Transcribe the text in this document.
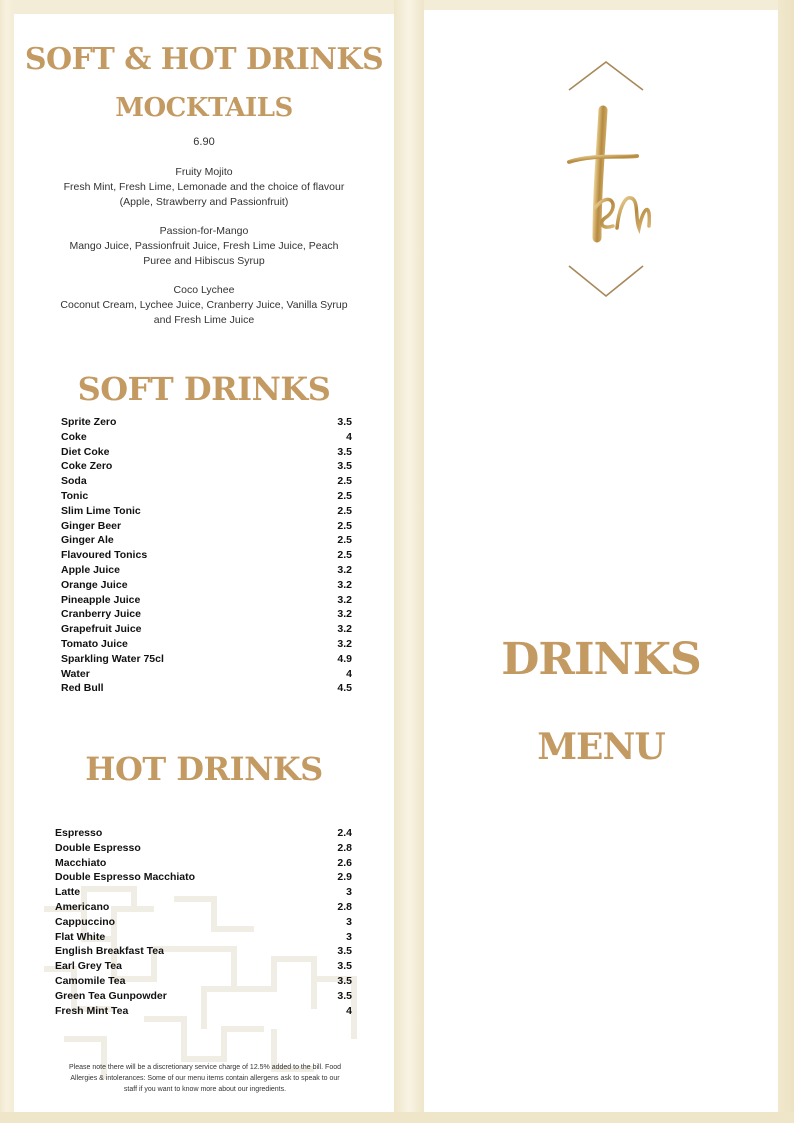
SOFT & HOT DRINKS
MOCKTAILS
6.90
Fruity Mojito
Fresh Mint, Fresh Lime, Lemonade and the choice of flavour
(Apple, Strawberry and Passionfruit)
Passion-for-Mango
Mango Juice, Passionfruit Juice, Fresh Lime Juice, Peach
Puree and Hibiscus Syrup
Coco Lychee
Coconut Cream, Lychee Juice, Cranberry Juice, Vanilla Syrup
and Fresh Lime Juice
SOFT DRINKS
Sprite Zero	3.5
Coke	4
Diet Coke	3.5
Coke Zero	3.5
Soda	2.5
Tonic	2.5
Slim Lime Tonic	2.5
Ginger Beer	2.5
Ginger Ale	2.5
Flavoured Tonics	2.5
Apple Juice	3.2
Orange Juice	3.2
Pineapple Juice	3.2
Cranberry Juice	3.2
Grapefruit Juice	3.2
Tomato Juice	3.2
Sparkling Water 75cl	4.9
Water	4
Red Bull	4.5
HOT DRINKS
Espresso	2.4
Double Espresso	2.8
Macchiato	2.6
Double Espresso Macchiato	2.9
Latte	3
Americano	2.8
Cappuccino	3
Flat White	3
English Breakfast Tea	3.5
Earl Grey Tea	3.5
Camomile Tea	3.5
Green Tea Gunpowder	3.5
Fresh Mint Tea	4
Please note there will be a discretionary service charge of 12.5% added to the bill. Food
Allergies & intolerances: Some of our menu items contain allergens ask to speak to our
staff if you want to know more about our ingredients.
DRINKS
MENU
